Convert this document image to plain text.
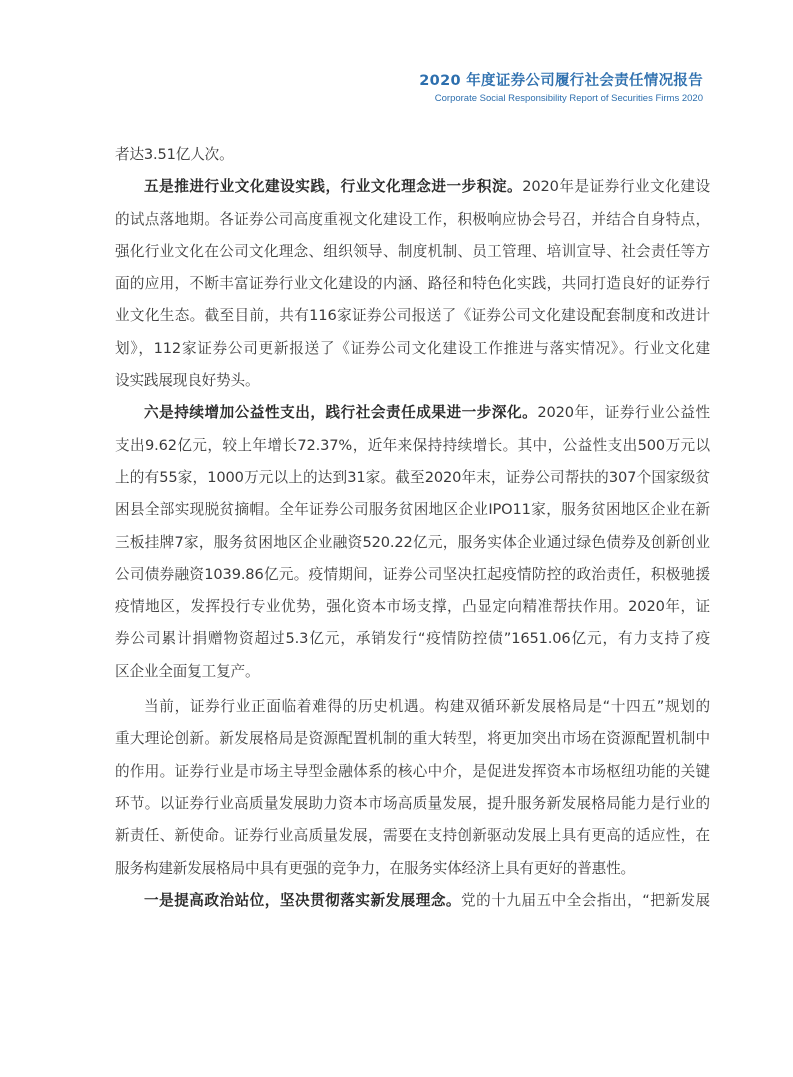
2020 年度证券公司履行社会责任情况报告
Corporate Social Responsibility Report of Securities Firms 2020
者达3.51亿人次。
五是推进行业文化建设实践，行业文化理念进一步积淀。2020年是证券行业文化建设
的试点落地期。各证券公司高度重视文化建设工作，积极响应协会号召，并结合自身特点，
强化行业文化在公司文化理念、组织领导、制度机制、员工管理、培训宣导、社会责任等方
面的应用，不断丰富证券行业文化建设的内涵、路径和特色化实践，共同打造良好的证券行
业文化生态。截至目前，共有116家证券公司报送了《证券公司文化建设配套制度和改进计
划》，112家证券公司更新报送了《证券公司文化建设工作推进与落实情况》。行业文化建
设实践展现良好势头。
六是持续增加公益性支出，践行社会责任成果进一步深化。2020年，证券行业公益性
支出9.62亿元，较上年增长72.37%，近年来保持持续增长。其中，公益性支出500万元以
上的有55家，1000万元以上的达到31家。截至2020年末，证券公司帮扶的307个国家级贫
困县全部实现脱贫摘帽。全年证券公司服务贫困地区企业IPO11家，服务贫困地区企业在新
三板挂牌7家，服务贫困地区企业融资520.22亿元，服务实体企业通过绿色债券及创新创业
公司债券融资1039.86亿元。疫情期间，证券公司坚决扛起疫情防控的政治责任，积极驰援
疫情地区，发挥投行专业优势，强化资本市场支撑，凸显定向精准帮扶作用。2020年，证
券公司累计捐赠物资超过5.3亿元，承销发行“疫情防控债”1651.06亿元，有力支持了疫
区企业全面复工复产。
当前，证券行业正面临着难得的历史机遇。构建双循环新发展格局是“十四五”规划的
重大理论创新。新发展格局是资源配置机制的重大转型，将更加突出市场在资源配置机制中
的作用。证券行业是市场主导型金融体系的核心中介，是促进发挥资本市场枢纽功能的关键
环节。以证券行业高质量发展助力资本市场高质量发展，提升服务新发展格局能力是行业的
新责任、新使命。证券行业高质量发展，需要在支持创新驱动发展上具有更高的适应性，在
服务构建新发展格局中具有更强的竞争力，在服务实体经济上具有更好的普惠性。
一是提高政治站位，坚决贯彻落实新发展理念。党的十九届五中全会指出，“把新发展
